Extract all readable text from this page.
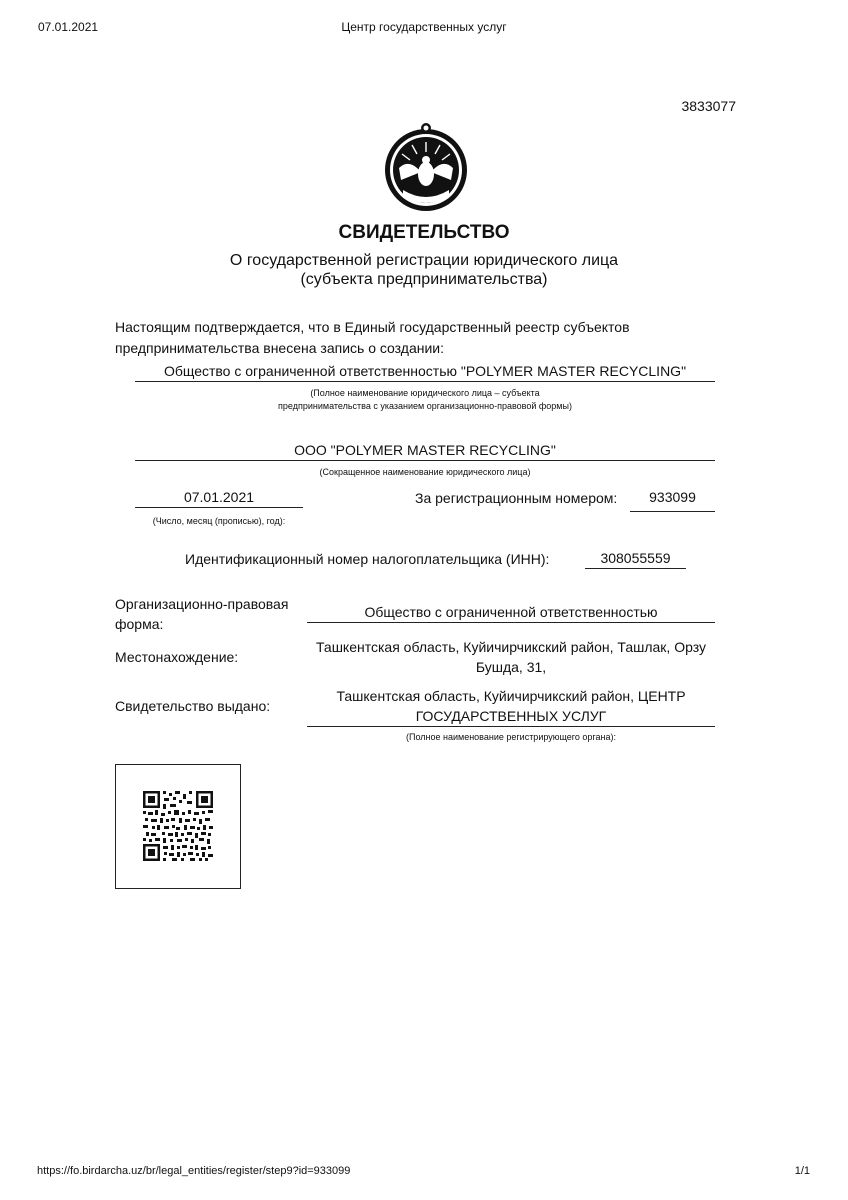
07.01.2021	Центр государственных услуг
3833077
СВИДЕТЕЛЬСТВО
О государственной регистрации юридического лица
(субъекта предпринимательства)
Настоящим подтверждается, что в Единый государственный реестр субъектов
предпринимательства внесена запись о создании:
Общество с ограниченной ответственностью "POLYMER MASTER RECYCLING"
(Полное наименование юридического лица – субъекта
предпринимательства с указанием организационно-правовой формы)
ООО "POLYMER MASTER RECYCLING"
(Сокращенное наименование юридического лица)
07.01.2021
(Число, месяц (прописью), год):
За регистрационным номером:	933099
Идентификационный номер налогоплательщика (ИНН):	308055559
Организационно-правовая
форма:
Общество с ограниченной ответственностью
Местонахождение:
Ташкентская область, Куйичирчикский район, Ташлак, Орзу
Бушда, 31,
Свидетельство выдано:
Ташкентская область, Куйичирчикский район, ЦЕНТР
ГОСУДАРСТВЕННЫХ УСЛУГ
(Полное наименование регистрирующего органа):
https://fo.birdarcha.uz/br/legal_entities/register/step9?id=933099	1/1
